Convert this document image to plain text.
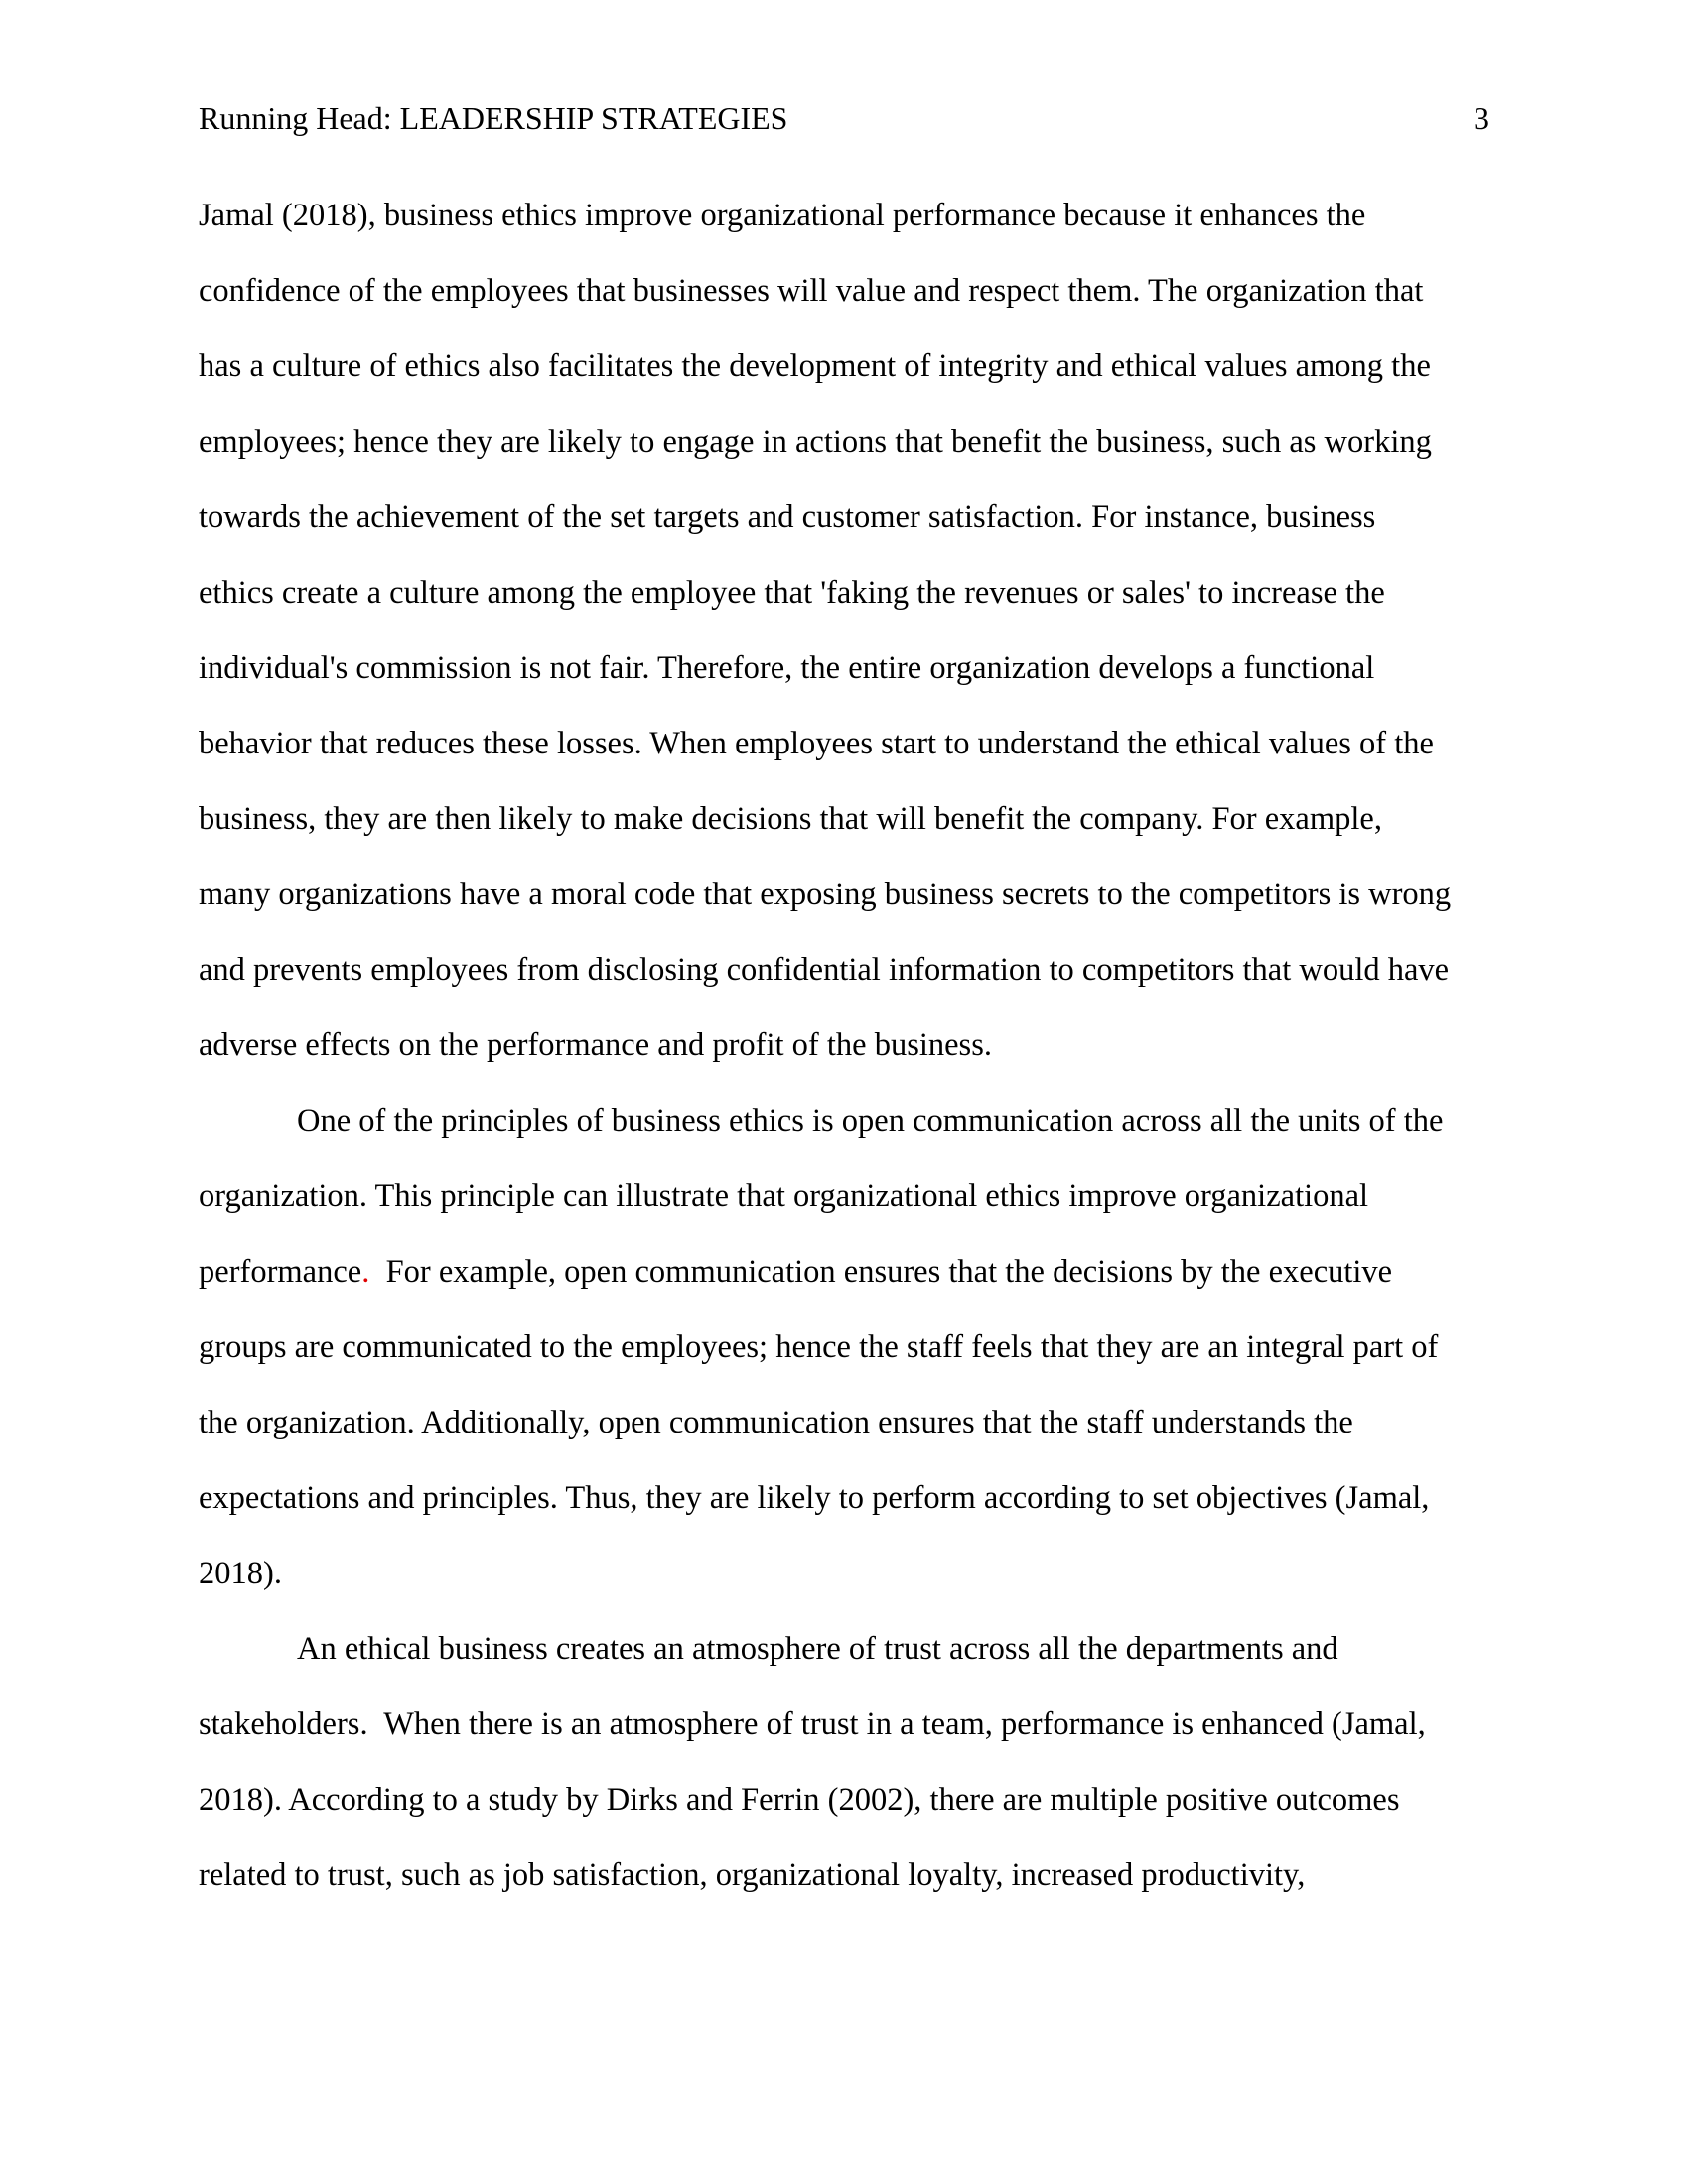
Running Head: LEADERSHIP STRATEGIES	3
Jamal (2018), business ethics improve organizational performance because it enhances the
confidence of the employees that businesses will value and respect them. The organization that
has a culture of ethics also facilitates the development of integrity and ethical values among the
employees; hence they are likely to engage in actions that benefit the business, such as working
towards the achievement of the set targets and customer satisfaction. For instance, business
ethics create a culture among the employee that 'faking the revenues or sales' to increase the
individual's commission is not fair. Therefore, the entire organization develops a functional
behavior that reduces these losses. When employees start to understand the ethical values of the
business, they are then likely to make decisions that will benefit the company. For example,
many organizations have a moral code that exposing business secrets to the competitors is wrong
and prevents employees from disclosing confidential information to competitors that would have
adverse effects on the performance and profit of the business.
One of the principles of business ethics is open communication across all the units of the
organization. This principle can illustrate that organizational ethics improve organizational
performance.  For example, open communication ensures that the decisions by the executive
groups are communicated to the employees; hence the staff feels that they are an integral part of
the organization. Additionally, open communication ensures that the staff understands the
expectations and principles. Thus, they are likely to perform according to set objectives (Jamal,
2018).
An ethical business creates an atmosphere of trust across all the departments and
stakeholders.  When there is an atmosphere of trust in a team, performance is enhanced (Jamal,
2018). According to a study by Dirks and Ferrin (2002), there are multiple positive outcomes
related to trust, such as job satisfaction, organizational loyalty, increased productivity,
